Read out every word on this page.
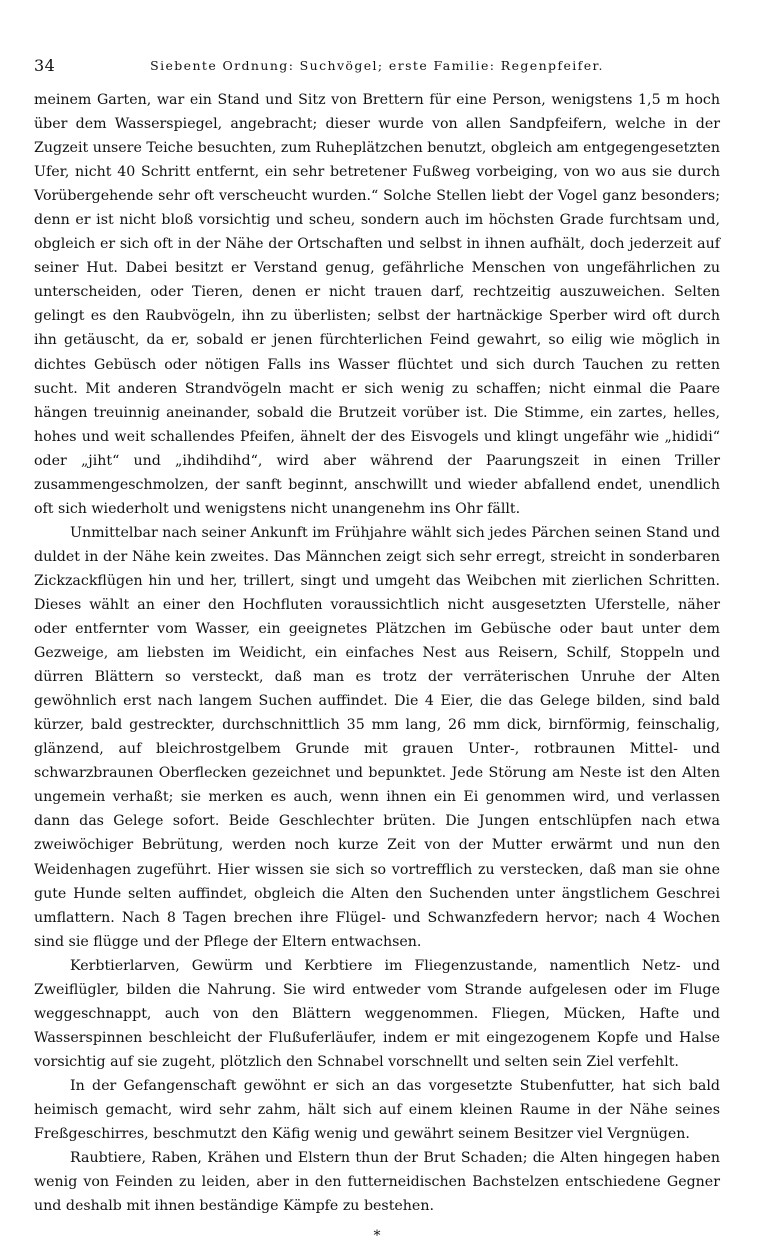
34	Siebente Ordnung: Suchvögel; erste Familie: Regenpfeifer.

meinem Garten, war ein Stand und Sitz von Brettern für eine Person, wenigstens 1,5 m hoch über dem Wasserspiegel, angebracht; dieser wurde von allen Sandpfeifern, welche in der Zugzeit unsere Teiche besuchten, zum Ruheplätzchen benutzt, obgleich am entgegengesetzten Ufer, nicht 40 Schritt entfernt, ein sehr betretener Fußweg vorbeiging, von wo aus sie durch Vorübergehende sehr oft verscheucht wurden.“ Solche Stellen liebt der Vogel ganz besonders; denn er ist nicht bloß vorsichtig und scheu, sondern auch im höchsten Grade furchtsam und, obgleich er sich oft in der Nähe der Ortschaften und selbst in ihnen aufhält, doch jederzeit auf seiner Hut. Dabei besitzt er Verstand genug, gefährliche Menschen von ungefährlichen zu unterscheiden, oder Tieren, denen er nicht trauen darf, rechtzeitig auszuweichen. Selten gelingt es den Raubvögeln, ihn zu überlisten; selbst der hartnäckige Sperber wird oft durch ihn getäuscht, da er, sobald er jenen fürchterlichen Feind gewahrt, so eilig wie möglich in dichtes Gebüsch oder nötigen Falls ins Wasser flüchtet und sich durch Tauchen zu retten sucht. Mit anderen Strandvögeln macht er sich wenig zu schaffen; nicht einmal die Paare hängen treuinnig aneinander, sobald die Brutzeit vorüber ist. Die Stimme, ein zartes, helles, hohes und weit schallendes Pfeifen, ähnelt der des Eisvogels und klingt ungefähr wie „hididi“ oder „jiht“ und „ihdihdihd“, wird aber während der Paarungszeit in einen Triller zusammengeschmolzen, der sanft beginnt, anschwillt und wieder abfallend endet, unendlich oft sich wiederholt und wenigstens nicht unangenehm ins Ohr fällt.

Unmittelbar nach seiner Ankunft im Frühjahre wählt sich jedes Pärchen seinen Stand und duldet in der Nähe kein zweites. Das Männchen zeigt sich sehr erregt, streicht in sonderbaren Zickzackflügen hin und her, trillert, singt und umgeht das Weibchen mit zierlichen Schritten. Dieses wählt an einer den Hochfluten voraussichtlich nicht ausgesetzten Uferstelle, näher oder entfernter vom Wasser, ein geeignetes Plätzchen im Gebüsche oder baut unter dem Gezweige, am liebsten im Weidicht, ein einfaches Nest aus Reisern, Schilf, Stoppeln und dürren Blättern so versteckt, daß man es trotz der verräterischen Unruhe der Alten gewöhnlich erst nach langem Suchen auffindet. Die 4 Eier, die das Gelege bilden, sind bald kürzer, bald gestreckter, durchschnittlich 35 mm lang, 26 mm dick, birnförmig, feinschalig, glänzend, auf bleichrostgelbem Grunde mit grauen Unter-, rotbraunen Mittel- und schwarzbraunen Oberflecken gezeichnet und bepunktet. Jede Störung am Neste ist den Alten ungemein verhaßt; sie merken es auch, wenn ihnen ein Ei genommen wird, und verlassen dann das Gelege sofort. Beide Geschlechter brüten. Die Jungen entschlüpfen nach etwa zweiwöchiger Bebrütung, werden noch kurze Zeit von der Mutter erwärmt und nun den Weidenhagen zugeführt. Hier wissen sie sich so vortrefflich zu verstecken, daß man sie ohne gute Hunde selten auffindet, obgleich die Alten den Suchenden unter ängstlichem Geschrei umflattern. Nach 8 Tagen brechen ihre Flügel- und Schwanzfedern hervor; nach 4 Wochen sind sie flügge und der Pflege der Eltern entwachsen.

Kerbtierlarven, Gewürm und Kerbtiere im Fliegenzustande, namentlich Netz- und Zweiflügler, bilden die Nahrung. Sie wird entweder vom Strande aufgelesen oder im Fluge weggeschnappt, auch von den Blättern weggenommen. Fliegen, Mücken, Hafte und Wasserspinnen beschleicht der Flußuferläufer, indem er mit eingezogenem Kopfe und Halse vorsichtig auf sie zugeht, plötzlich den Schnabel vorschnellt und selten sein Ziel verfehlt.

In der Gefangenschaft gewöhnt er sich an das vorgesetzte Stubenfutter, hat sich bald heimisch gemacht, wird sehr zahm, hält sich auf einem kleinen Raume in der Nähe seines Freßgeschirres, beschmutzt den Käfig wenig und gewährt seinem Besitzer viel Vergnügen.

Raubtiere, Raben, Krähen und Elstern thun der Brut Schaden; die Alten hingegen haben wenig von Feinden zu leiden, aber in den futterneidischen Bachstelzen entschiedene Gegner und deshalb mit ihnen beständige Kämpfe zu bestehen.

*
